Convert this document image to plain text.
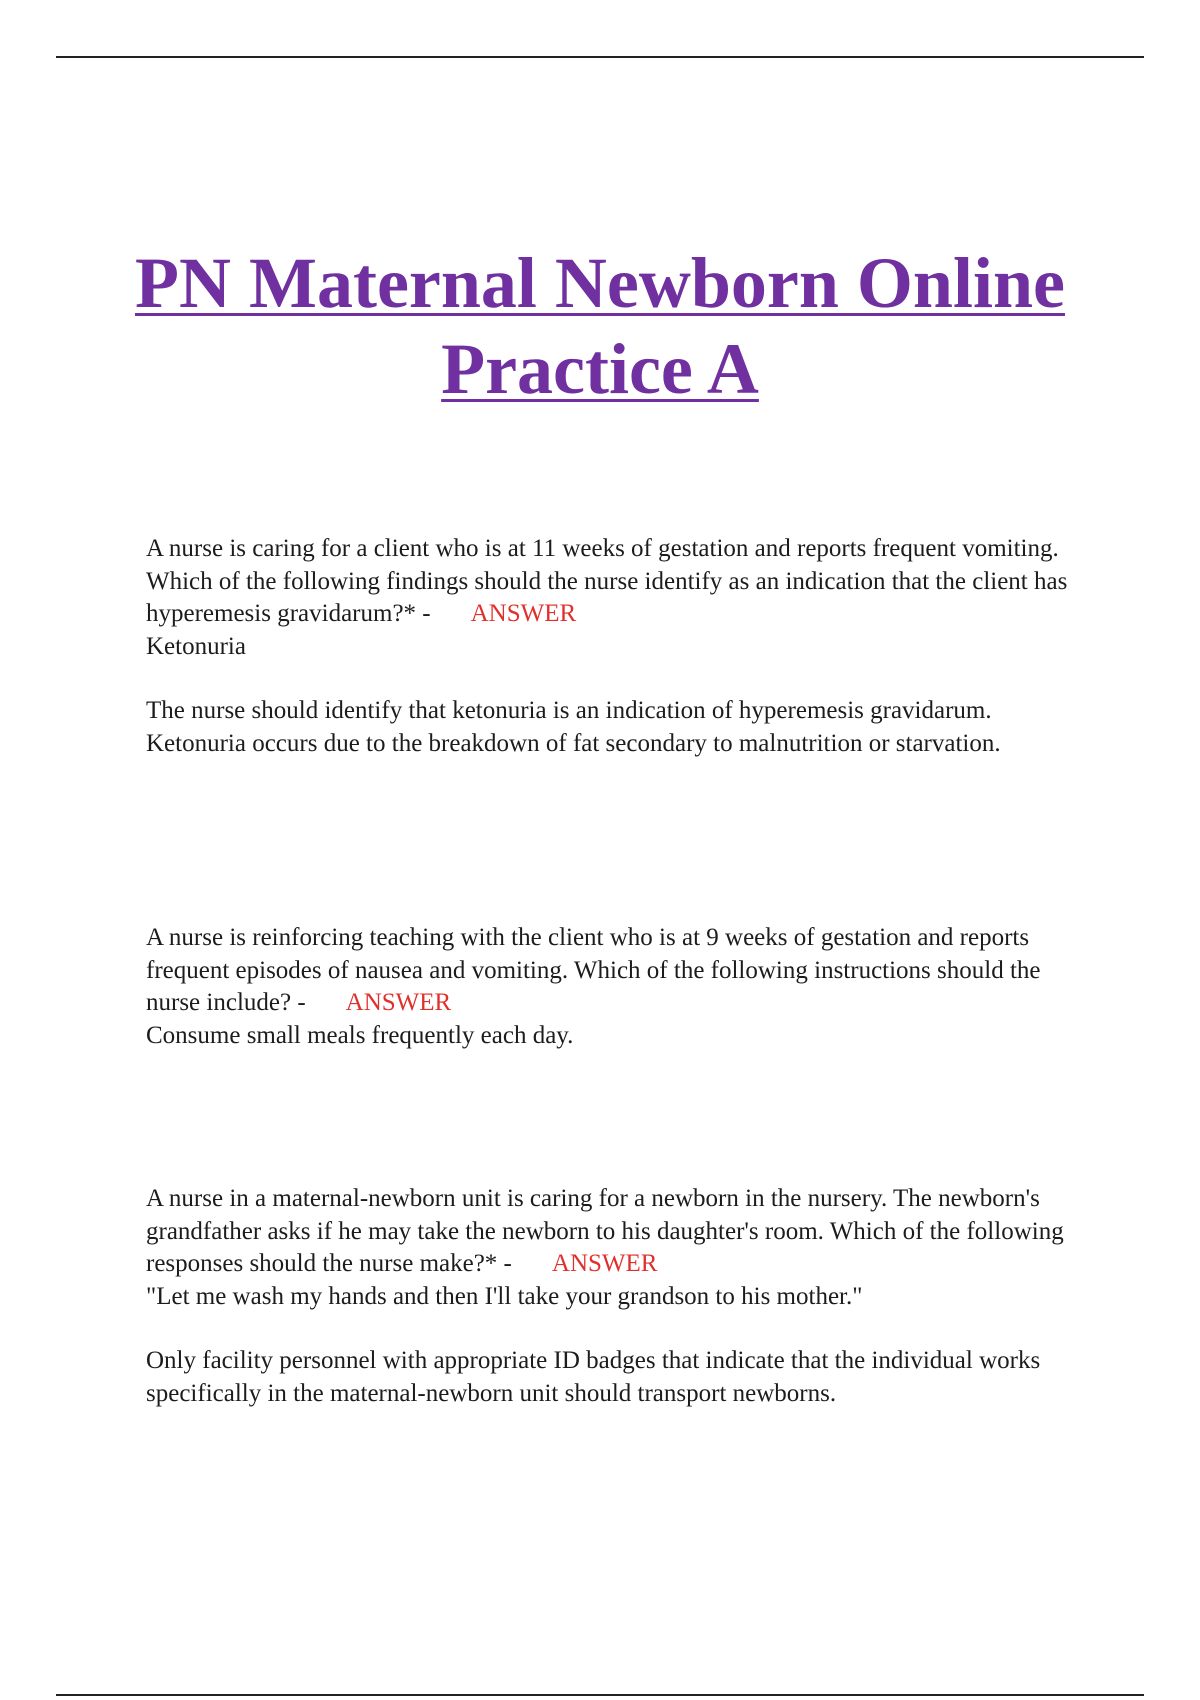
PN Maternal Newborn Online Practice A

A nurse is caring for a client who is at 11 weeks of gestation and reports frequent vomiting. Which of the following findings should the nurse identify as an indication that the client has hyperemesis gravidarum?* - ANSWER
Ketonuria

The nurse should identify that ketonuria is an indication of hyperemesis gravidarum. Ketonuria occurs due to the breakdown of fat secondary to malnutrition or starvation.

A nurse is reinforcing teaching with the client who is at 9 weeks of gestation and reports frequent episodes of nausea and vomiting. Which of the following instructions should the nurse include? - ANSWER
Consume small meals frequently each day.

A nurse in a maternal-newborn unit is caring for a newborn in the nursery. The newborn's grandfather asks if he may take the newborn to his daughter's room. Which of the following responses should the nurse make?* - ANSWER
"Let me wash my hands and then I'll take your grandson to his mother."

Only facility personnel with appropriate ID badges that indicate that the individual works specifically in the maternal-newborn unit should transport newborns.
